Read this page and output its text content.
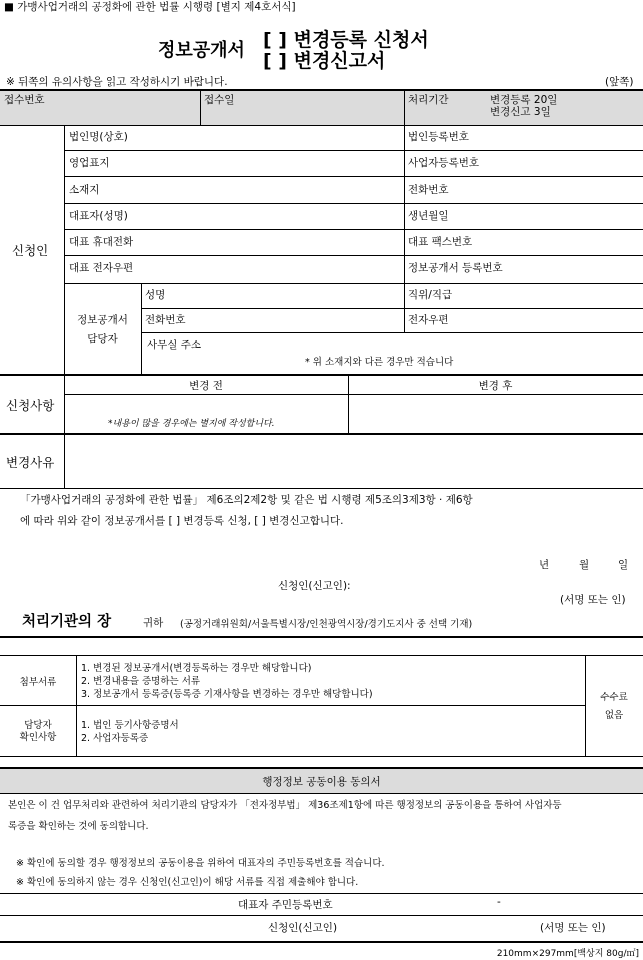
■ 가맹사업거래의 공정화에 관한 법률 시행령 [별지 제4호서식]
정보공개서 [ ] 변경등록 신청서
[ ] 변경신고서
※ 뒤쪽의 유의사항을 읽고 작성하시기 바랍니다.	(앞쪽)
접수번호	접수일	처리기간	변경등록 20일
변경신고 3일
신청인
법인명(상호)	법인등록번호
영업표지	사업자등록번호
소재지	전화번호
대표자(성명)	생년월일
대표 휴대전화	대표 팩스번호
대표 전자우편	정보공개서 등록번호
정보공개서
담당자
성명	직위/직급
전화번호	전자우편
사무실 주소
* 위 소재지와 다른 경우만 적습니다
신청사항
변경 전	변경 후
*내용이 많을 경우에는 별지에 작성합니다.
변경사유
「가맹사업거래의 공정화에 관한 법률」 제6조의2제2항 및 같은 법 시행령 제5조의3제3항 · 제6항
에 따라 위와 같이 정보공개서를 [ ] 변경등록 신청, [ ] 변경신고합니다.
년	월	일
신청인(신고인):
(서명 또는 인)
처리기관의 장	귀하 (공정거래위원회/서울특별시장/인천광역시장/경기도지사 중 선택 기재)
첨부서류
1. 변경된 정보공개서(변경등록하는 경우만 해당합니다)
2. 변경내용을 증명하는 서류
3. 정보공개서 등록증(등록증 기재사항을 변경하는 경우만 해당합니다)
담당자
확인사항
1. 법인 등기사항증명서
2. 사업자등록증
수수료
없음
행정정보 공동이용 동의서
본인은 이 건 업무처리와 관련하여 처리기관의 담당자가 「전자정부법」 제36조제1항에 따른 행정정보의 공동이용을 통하여 사업자등
록증을 확인하는 것에 동의합니다.
※ 확인에 동의할 경우 행정정보의 공동이용을 위하여 대표자의 주민등록번호를 적습니다.
※ 확인에 동의하지 않는 경우 신청인(신고인)이 해당 서류를 직접 제출해야 합니다.
대표자 주민등록번호	-
신청인(신고인)	(서명 또는 인)
210mm×297mm[백상지 80g/㎡]
